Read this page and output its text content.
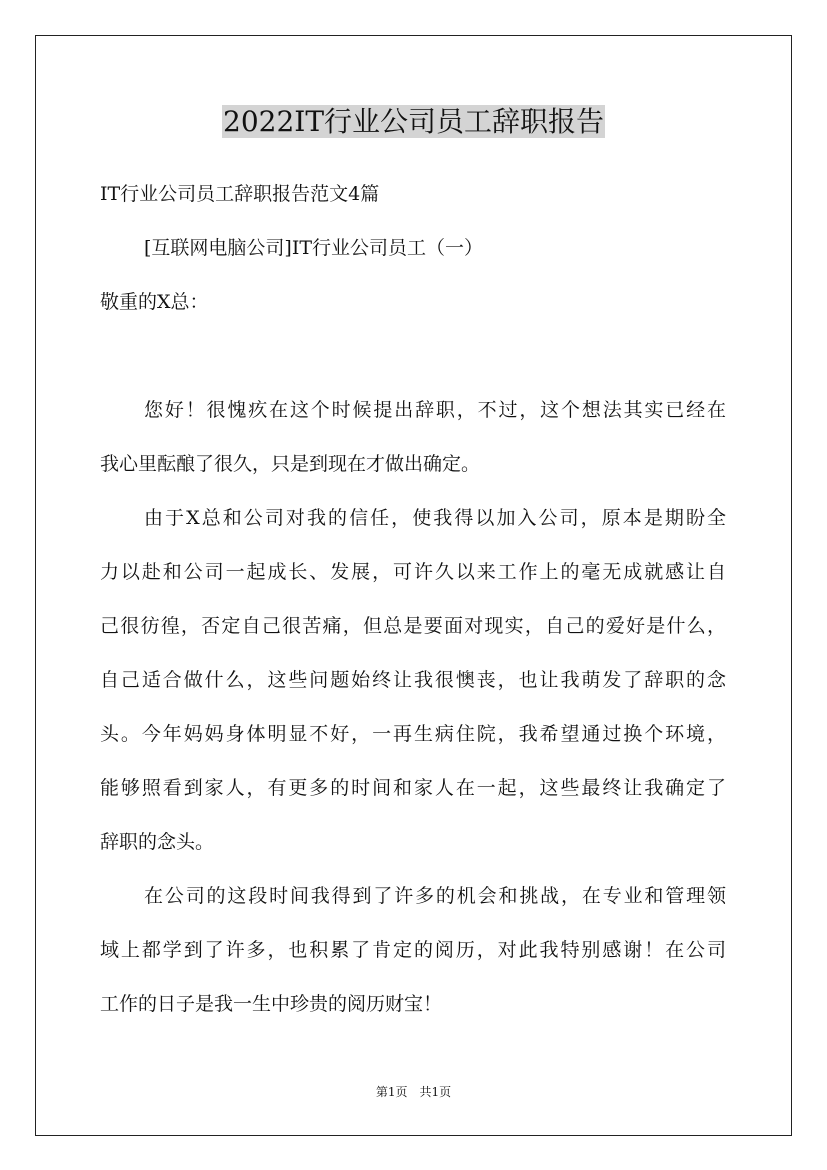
2022IT行业公司员工辞职报告
IT行业公司员工辞职报告范文4篇
[互联网电脑公司]IT行业公司员工（一）
敬重的X总：
您好！很愧疚在这个时候提出辞职，不过，这个想法其实已经在
我心里酝酿了很久，只是到现在才做出确定。
由于X总和公司对我的信任，使我得以加入公司，原本是期盼全
力以赴和公司一起成长、发展，可许久以来工作上的毫无成就感让自
己很彷徨，否定自己很苦痛，但总是要面对现实，自己的爱好是什么，
自己适合做什么，这些问题始终让我很懊丧，也让我萌发了辞职的念
头。今年妈妈身体明显不好，一再生病住院，我希望通过换个环境，
能够照看到家人，有更多的时间和家人在一起，这些最终让我确定了
辞职的念头。
在公司的这段时间我得到了许多的机会和挑战，在专业和管理领
域上都学到了许多，也积累了肯定的阅历，对此我特别感谢！在公司
工作的日子是我一生中珍贵的阅历财宝！
第1页　共1页
